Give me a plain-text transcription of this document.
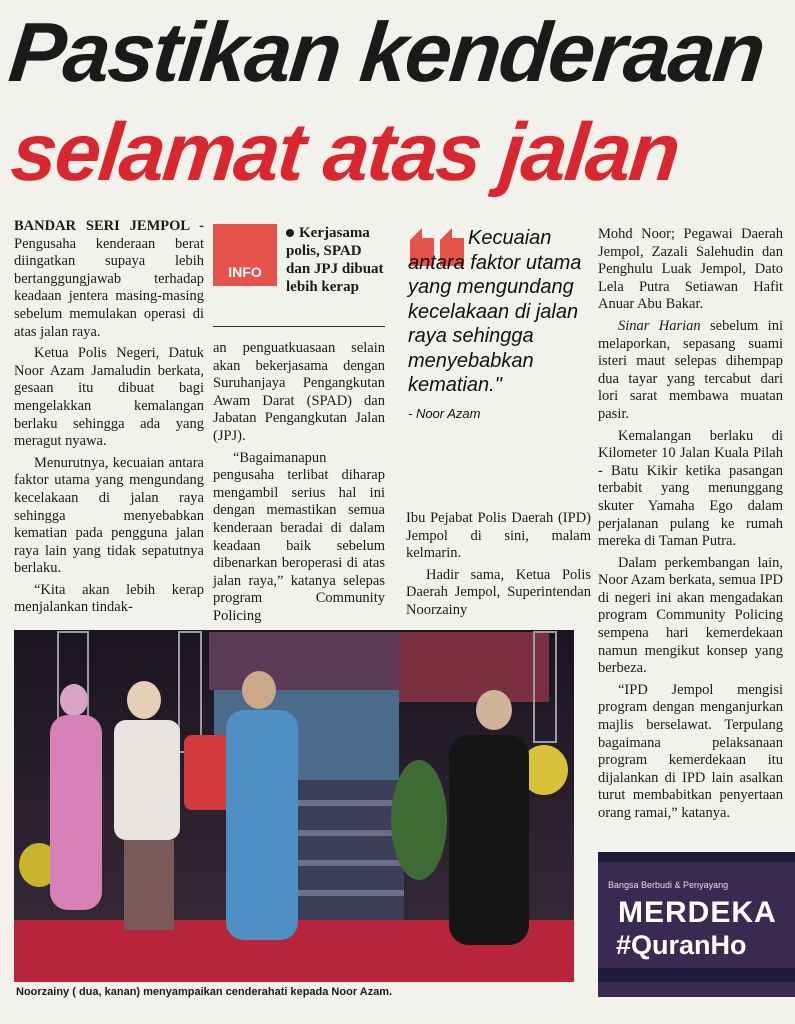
Pastikan kenderaan
selamat atas jalan

BANDAR SERI JEMPOL - Pengusaha kenderaan berat diingatkan supaya lebih bertanggungjawab terhadap keadaan jentera masing-masing sebelum memulakan operasi di atas jalan raya.

Ketua Polis Negeri, Datuk Noor Azam Jamaludin berkata, gesaan itu dibuat bagi mengelakkan kemalangan berlaku sehingga ada yang meragut nyawa.

Menurutnya, kecuaian antara faktor utama yang mengundang kecelakaan di jalan raya sehingga menyebabkan kematian pada pengguna jalan raya lain yang tidak sepatutnya berlaku.

“Kita akan lebih kerap menjalankan tindak-

INFO
Kerjasama polis, SPAD dan JPJ dibuat lebih kerap

an penguatkuasaan selain akan bekerjasama dengan Suruhanjaya Pengangkutan Awam Darat (SPAD) dan Jabatan Pengangkutan Jalan (JPJ).

“Bagaimanapun pengusaha terlibat diharap mengambil serius hal ini dengan memastikan semua kenderaan beradai di dalam keadaan baik sebelum dibenarkan beroperasi di atas jalan raya,” katanya selepas program Community Policing

Kecuaian
antara faktor utama yang mengundang kecelakaan di jalan raya sehingga menyebabkan kematian."
- Noor Azam

Ibu Pejabat Polis Daerah (IPD) Jempol di sini, malam kelmarin.

Hadir sama, Ketua Polis Daerah Jempol, Superintendan Noorzainy

Mohd Noor; Pegawai Daerah Jempol, Zazali Salehudin dan Penghulu Luak Jempol, Dato Lela Putra Setiawan Hafit Anuar Abu Bakar.

Sinar Harian sebelum ini melaporkan, sepasang suami isteri maut selepas dihempap dua tayar yang tercabut dari lori sarat membawa muatan pasir.

Kemalangan berlaku di Kilometer 10 Jalan Kuala Pilah - Batu Kikir ketika pasangan terbabit yang menunggang skuter Yamaha Ego dalam perjalanan pulang ke rumah mereka di Taman Putra.

Dalam perkembangan lain, Noor Azam berkata, semua IPD di negeri ini akan mengadakan program Community Policing sempena hari kemerdekaan namun mengikut konsep yang berbeza.

“IPD Jempol mengisi program dengan menganjurkan majlis berselawat. Terpulang bagaimana pelaksanaan program kemerdekaan itu dijalankan di IPD lain asalkan turut membabitkan penyertaan orang ramai,” katanya.

Noorzainy ( dua, kanan) menyampaikan cenderahati kepada Noor Azam.
Bangsa Berbudi & Penyayang
MERDEKA
#QuranHo
